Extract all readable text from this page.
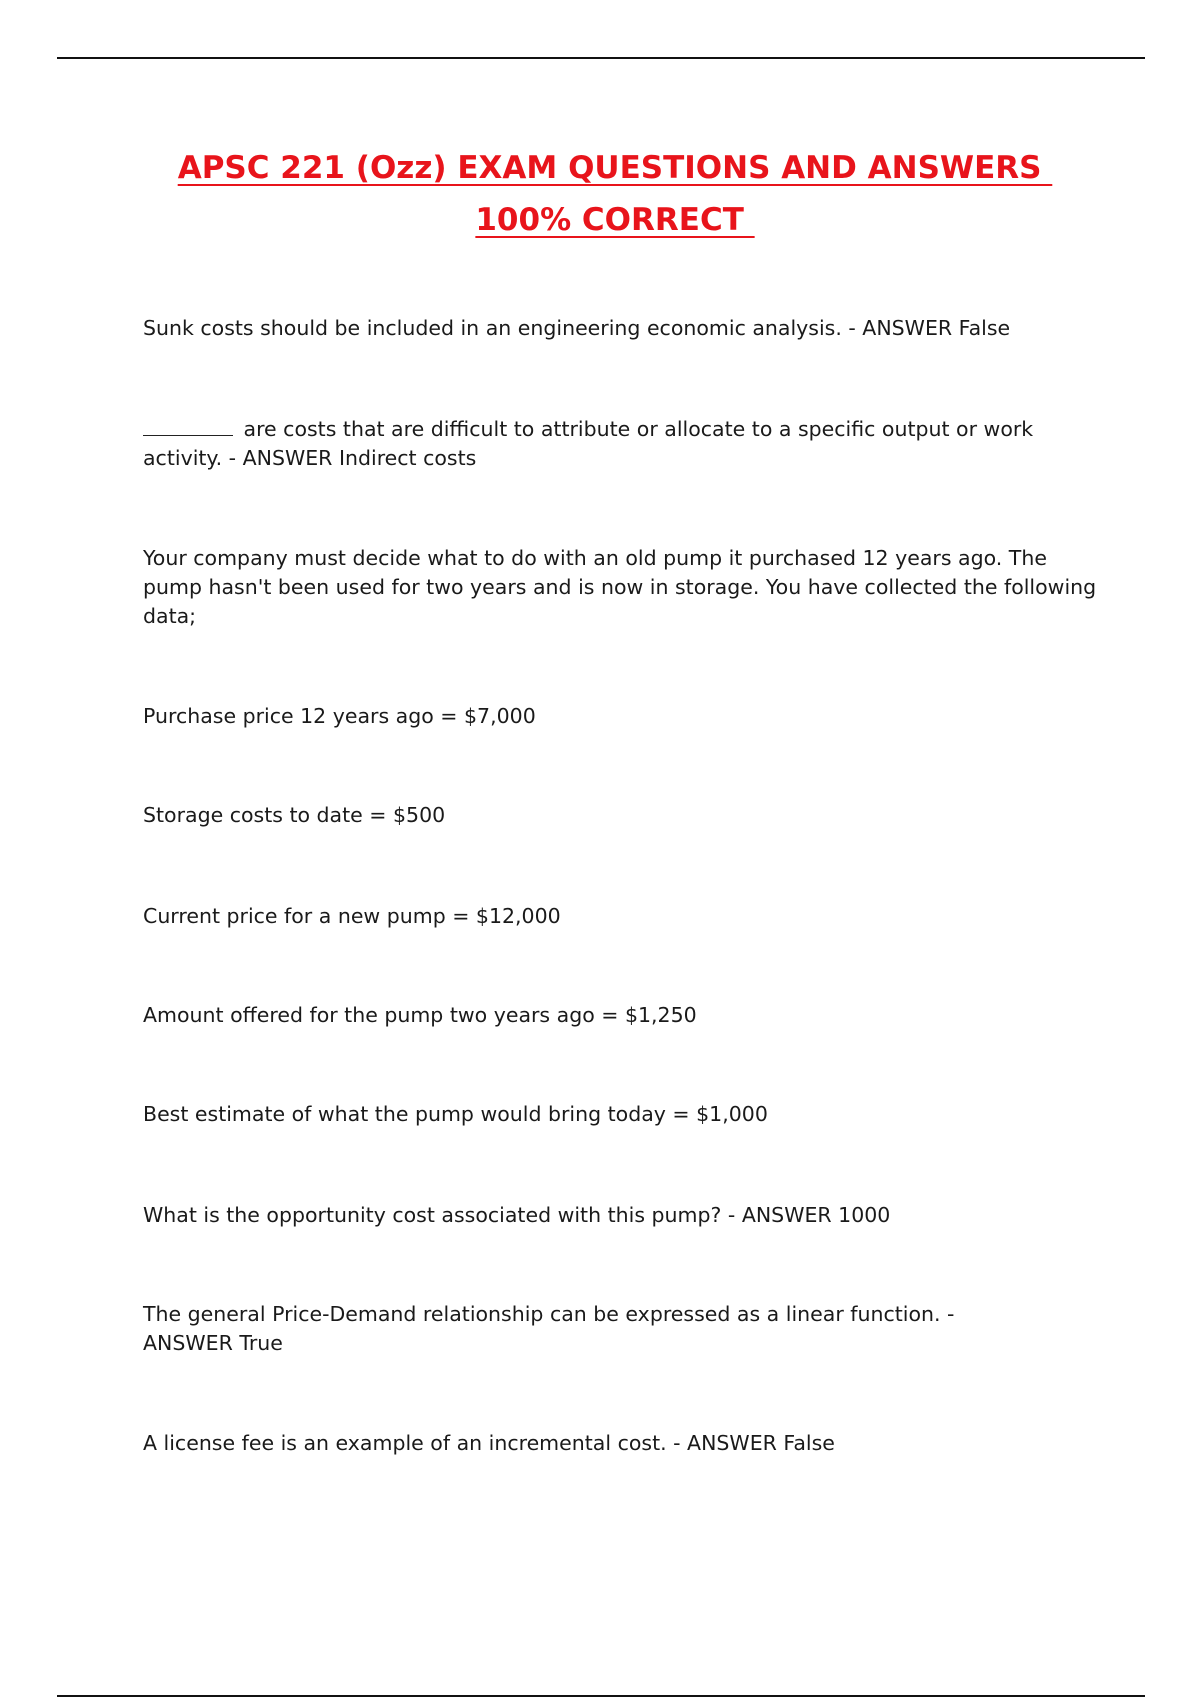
APSC 221 (Ozz) EXAM QUESTIONS AND ANSWERS
100% CORRECT

Sunk costs should be included in an engineering economic analysis. - ANSWER False

are costs that are difficult to attribute or allocate to a specific output or work activity. - ANSWER Indirect costs

Your company must decide what to do with an old pump it purchased 12 years ago. The pump hasn't been used for two years and is now in storage. You have collected the following data;

Purchase price 12 years ago = $7,000

Storage costs to date = $500

Current price for a new pump = $12,000

Amount offered for the pump two years ago = $1,250

Best estimate of what the pump would bring today = $1,000

What is the opportunity cost associated with this pump? - ANSWER 1000

The general Price-Demand relationship can be expressed as a linear function. - ANSWER True

A license fee is an example of an incremental cost. - ANSWER False
